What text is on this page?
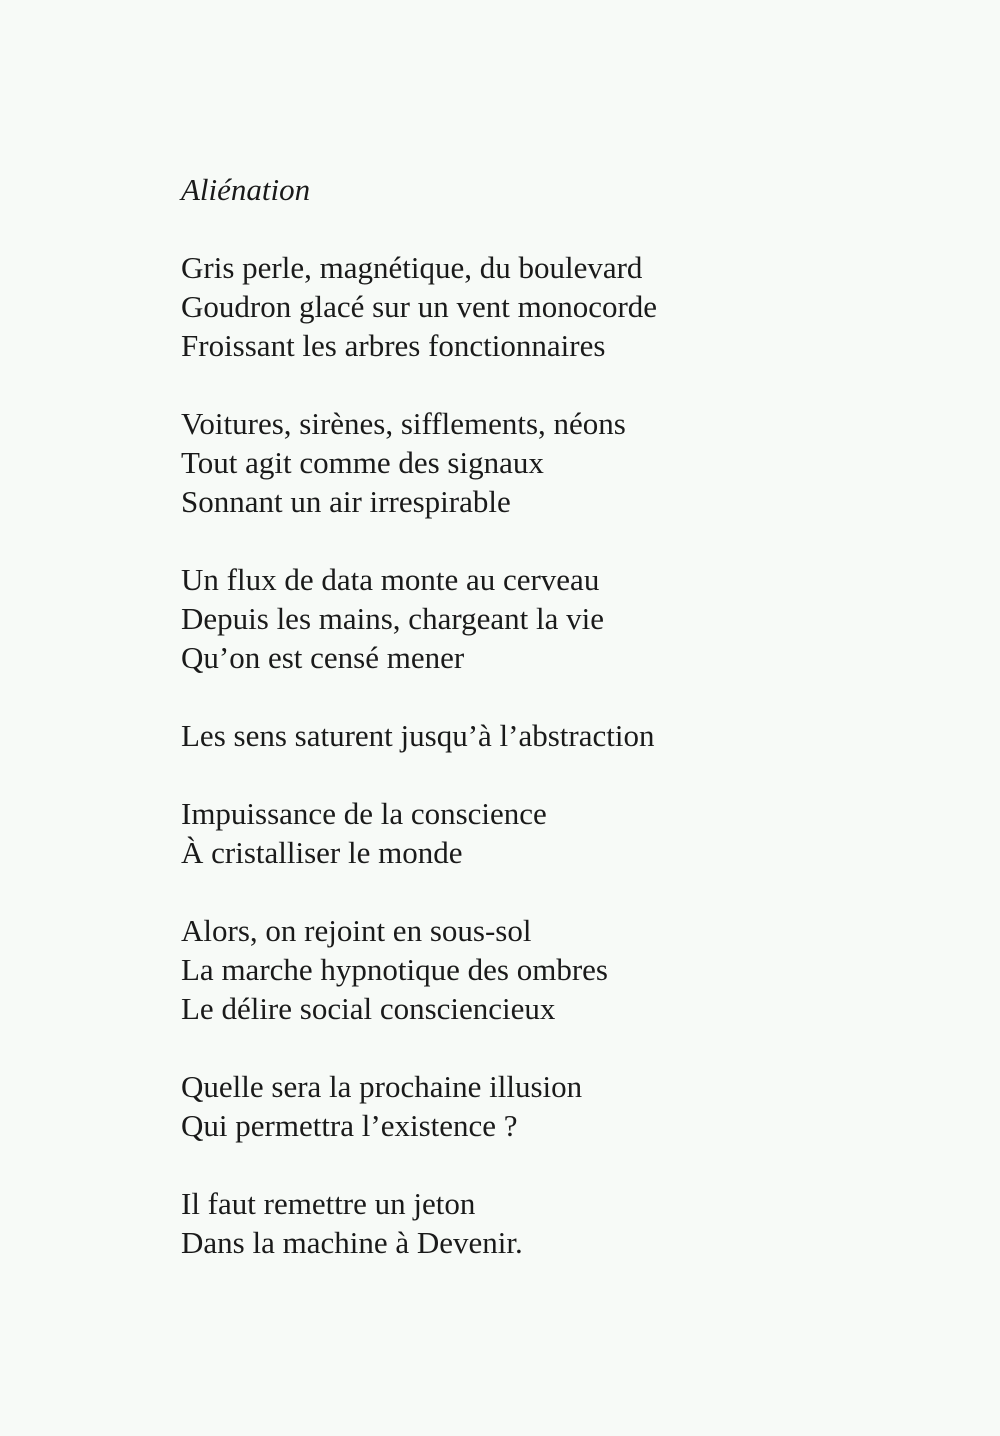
Aliénation
Gris perle, magnétique, du boulevard
Goudron glacé sur un vent monocorde
Froissant les arbres fonctionnaires
Voitures, sirènes, sifflements, néons
Tout agit comme des signaux
Sonnant un air irrespirable
Un flux de data monte au cerveau
Depuis les mains, chargeant la vie
Qu’on est censé mener
Les sens saturent jusqu’à l’abstraction
Impuissance de la conscience
À cristalliser le monde
Alors, on rejoint en sous-sol
La marche hypnotique des ombres
Le délire social consciencieux
Quelle sera la prochaine illusion
Qui permettra l’existence ?
Il faut remettre un jeton
Dans la machine à Devenir.
